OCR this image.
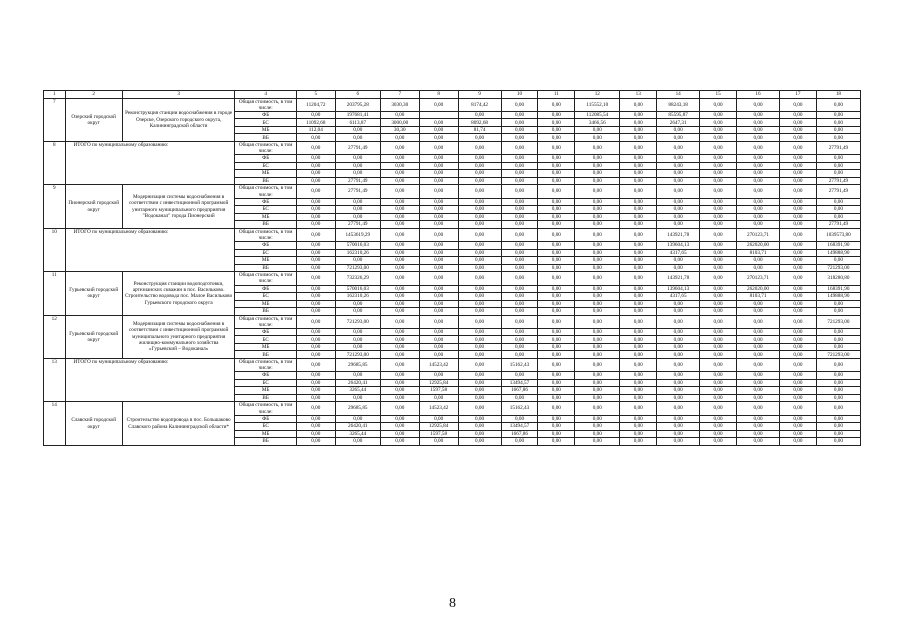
1	2	3	4	5	6	7	8	9	10	11	12	13	14	15	16	17	18
7	Озерский городской округ	Реконструкция станции водоснабжения в городе Озерске, Озерского городского округа, Калининградской области	Общая стоимость, в том числе:	11204,72	203795,28	3030,30	0,00	8174,42	0,00	0,00	115552,10	0,00	88243,18	0,00	0,00	0,00	0,00
			ФБ	0,00	197681,41	0,00		0,00	0,00	0,00	112085,54	0,00	85595,87	0,00	0,00	0,00	0,00
			БС	11092,68	6113,87	3000,00	0,00	8092,68	0,00	0,00	3466,56	0,00	2647,31	0,00	0,00	0,00	0,00
			МБ	112,04	0,00	30,30	0,00	81,74	0,00	0,00	0,00	0,00	0,00	0,00	0,00	0,00	0,00
			ВБ	0,00	0,00	0,00	0,00	0,00	0,00	0,00	0,00	0,00	0,00	0,00	0,00	0,00	0,00
8	ИТОГО по муниципальному образованию:		Общая стоимость, в том числе:	0,00	27791,49	0,00	0,00	0,00	0,00	0,00	0,00	0,00	0,00	0,00	0,00	0,00	27791,49
			ФБ	0,00	0,00	0,00	0,00	0,00	0,00	0,00	0,00	0,00	0,00	0,00	0,00	0,00	0,00
			БС	0,00	0,00	0,00	0,00	0,00	0,00	0,00	0,00	0,00	0,00	0,00	0,00	0,00	0,00
			МБ	0,00	0,00	0,00	0,00	0,00	0,00	0,00	0,00	0,00	0,00	0,00	0,00	0,00	0,00
			ВБ	0,00	27791,49	0,00	0,00	0,00	0,00	0,00	0,00	0,00	0,00	0,00	0,00	0,00	27791,49
9	Пионерский городской округ	Модернизация системы водоснабжения в соответствии с инвестиционной программой унитарного муниципального предприятия "Водоканал" города Пионерский	Общая стоимость, в том числе:	0,00	27791,49	0,00	0,00	0,00	0,00	0,00	0,00	0,00	0,00	0,00	0,00	0,00	27791,49
			ФБ	0,00	0,00	0,00	0,00	0,00	0,00	0,00	0,00	0,00	0,00	0,00	0,00	0,00	0,00
			БС	0,00	0,00	0,00	0,00	0,00	0,00	0,00	0,00	0,00	0,00	0,00	0,00	0,00	0,00
			МБ	0,00	0,00	0,00	0,00	0,00	0,00	0,00	0,00	0,00	0,00	0,00	0,00	0,00	0,00
			ВБ	0,00	27791,49	0,00	0,00	0,00	0,00	0,00	0,00	0,00	0,00	0,00	0,00	0,00	27791,49
10	ИТОГО по муниципальному образованию:		Общая стоимость, в том числе:	0,00	1453619,29	0,00	0,00	0,00	0,00	0,00	0,00	0,00	143921,78	0,00	270123,71	0,00	1039573,80
			ФБ	0,00	570016,03	0,00	0,00	0,00	0,00	0,00	0,00	0,00	139604,13	0,00	262020,00	0,00	168391,90
			БС	0,00	162310,26	0,00	0,00	0,00	0,00	0,00	0,00	0,00	4317,65	0,00	8103,71	0,00	149888,90
			МБ	0,00	0,00	0,00	0,00	0,00	0,00	0,00	0,00	0,00	0,00	0,00	0,00	0,00	0,00
			ВБ	0,00	721293,00	0,00	0,00	0,00	0,00	0,00	0,00	0,00	0,00	0,00	0,00	0,00	721293,00
11	Гурьевский городской округ	Реконструкция станции водоподготовки, артезианских скважин в пос. Васильково. Строительство водовода пос. Малое Васильково Гурьевского городского округа	Общая стоимость, в том числе:	0,00	732326,29	0,00	0,00	0,00	0,00	0,00	0,00	0,00	143921,78	0,00	270123,71	0,00	318280,80
			ФБ	0,00	570016,03	0,00	0,00	0,00	0,00	0,00	0,00	0,00	139604,13	0,00	262020,00	0,00	168391,90
			БС	0,00	162310,26	0,00	0,00	0,00	0,00	0,00	0,00	0,00	4317,65	0,00	8103,71	0,00	149888,90
			МБ	0,00	0,00	0,00	0,00	0,00	0,00	0,00	0,00	0,00	0,00	0,00	0,00	0,00	0,00
			ВБ	0,00	0,00	0,00	0,00	0,00	0,00	0,00	0,00	0,00	0,00	0,00	0,00	0,00	0,00
12	Гурьевский городской округ	Модернизация системы водоснабжения в соответствии с инвестиционной программой муниципального унитарного предприятия жилищно-коммунального хозяйства «Гурьевский – Водоканал»	Общая стоимость, в том числе:	0,00	721293,00	0,00	0,00	0,00	0,00	0,00	0,00	0,00	0,00	0,00	0,00	0,00	721293,00
			ФБ	0,00	0,00	0,00	0,00	0,00	0,00	0,00	0,00	0,00	0,00	0,00	0,00	0,00	0,00
			БС	0,00	0,00	0,00	0,00	0,00	0,00	0,00	0,00	0,00	0,00	0,00	0,00	0,00	0,00
			МБ	0,00	0,00	0,00	0,00	0,00	0,00	0,00	0,00	0,00	0,00	0,00	0,00	0,00	0,00
			ВБ	0,00	721293,00	0,00	0,00	0,00	0,00	0,00	0,00	0,00	0,00	0,00	0,00	0,00	721293,00
13	ИТОГО по муниципальному образованию:		Общая стоимость, в том числе:	0,00	29685,85	0,00	14523,42	0,00	15162,43	0,00	0,00	0,00	0,00	0,00	0,00	0,00	0,00
			ФБ	0,00	0,00	0,00	0,00	0,00	0,00	0,00	0,00	0,00	0,00	0,00	0,00	0,00	0,00
			БС	0,00	26420,41	0,00	12925,84	0,00	13494,57	0,00	0,00	0,00	0,00	0,00	0,00	0,00	0,00
			МБ	0,00	3265,44	0,00	1597,58	0,00	1667,86	0,00	0,00	0,00	0,00	0,00	0,00	0,00	0,00
			ВБ	0,00	0,00	0,00	0,00	0,00	0,00	0,00	0,00	0,00	0,00	0,00	0,00	0,00	0,00
14	Славский городской округ	Строительство водопровода в пос. Большаково Славского района Калининградской области*	Общая стоимость, в том числе:	0,00	29685,85	0,00	14523,42	0,00	15162,43	0,00	0,00	0,00	0,00	0,00	0,00	0,00	0,00
			ФБ	0,00	0,00	0,00	0,00	0,00	0,00	0,00	0,00	0,00	0,00	0,00	0,00	0,00	0,00
			БС	0,00	26420,41	0,00	12925,84	0,00	13494,57	0,00	0,00	0,00	0,00	0,00	0,00	0,00	0,00
			МБ	0,00	3265,44	0,00	1597,58	0,00	1667,86	0,00	0,00	0,00	0,00	0,00	0,00	0,00	0,00
			ВБ	0,00	0,00	0,00	0,00	0,00	0,00	0,00	0,00	0,00	0,00	0,00	0,00	0,00	0,00
8
